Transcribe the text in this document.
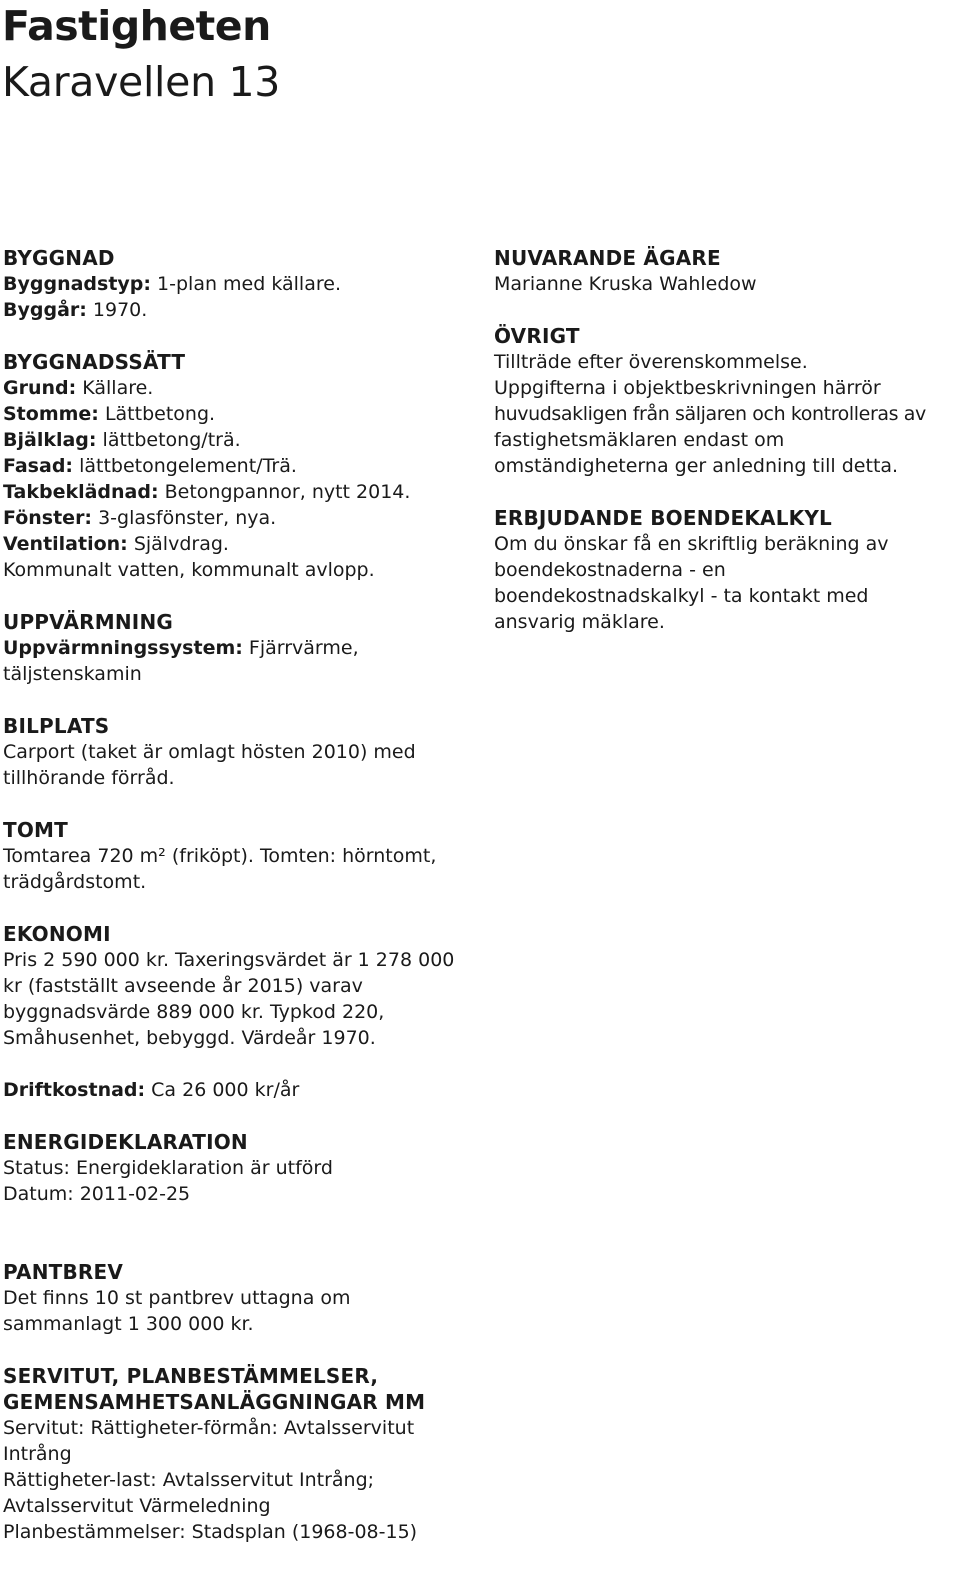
Fastigheten
Karavellen 13
BYGGNAD
Byggnadstyp: 1-plan med källare.
Byggår: 1970.
BYGGNADSSÄTT
Grund: Källare.
Stomme: Lättbetong.
Bjälklag: lättbetong/trä.
Fasad: lättbetongelement/Trä.
Takbeklädnad: Betongpannor, nytt 2014.
Fönster: 3-glasfönster, nya.
Ventilation: Självdrag.
Kommunalt vatten, kommunalt avlopp.
UPPVÄRMNING
Uppvärmningssystem: Fjärrvärme,
täljstenskamin
BILPLATS
Carport (taket är omlagt hösten 2010) med
tillhörande förråd.
TOMT
Tomtarea 720 m² (friköpt). Tomten: hörntomt,
trädgårdstomt.
EKONOMI
Pris 2 590 000 kr. Taxeringsvärdet är 1 278 000
kr (fastställt avseende år 2015) varav
byggnadsvärde 889 000 kr. Typkod 220,
Småhusenhet, bebyggd. Värdeår 1970.
Driftkostnad: Ca 26 000 kr/år
ENERGIDEKLARATION
Status: Energideklaration är utförd
Datum: 2011-02-25
PANTBREV
Det finns 10 st pantbrev uttagna om
sammanlagt 1 300 000 kr.
SERVITUT, PLANBESTÄMMELSER,
GEMENSAMHETSANLÄGGNINGAR MM
Servitut: Rättigheter-förmån: Avtalsservitut
Intrång
Rättigheter-last: Avtalsservitut Intrång;
Avtalsservitut Värmeledning
Planbestämmelser: Stadsplan (1968-08-15)
NUVARANDE ÄGARE
Marianne Kruska Wahledow
ÖVRIGT
Tillträde efter överenskommelse.
Uppgifterna i objektbeskrivningen härrör
huvudsakligen från säljaren och kontrolleras av
fastighetsmäklaren endast om
omständigheterna ger anledning till detta.
ERBJUDANDE BOENDEKALKYL
Om du önskar få en skriftlig beräkning av
boendekostnaderna - en
boendekostnadskalkyl - ta kontakt med
ansvarig mäklare.
